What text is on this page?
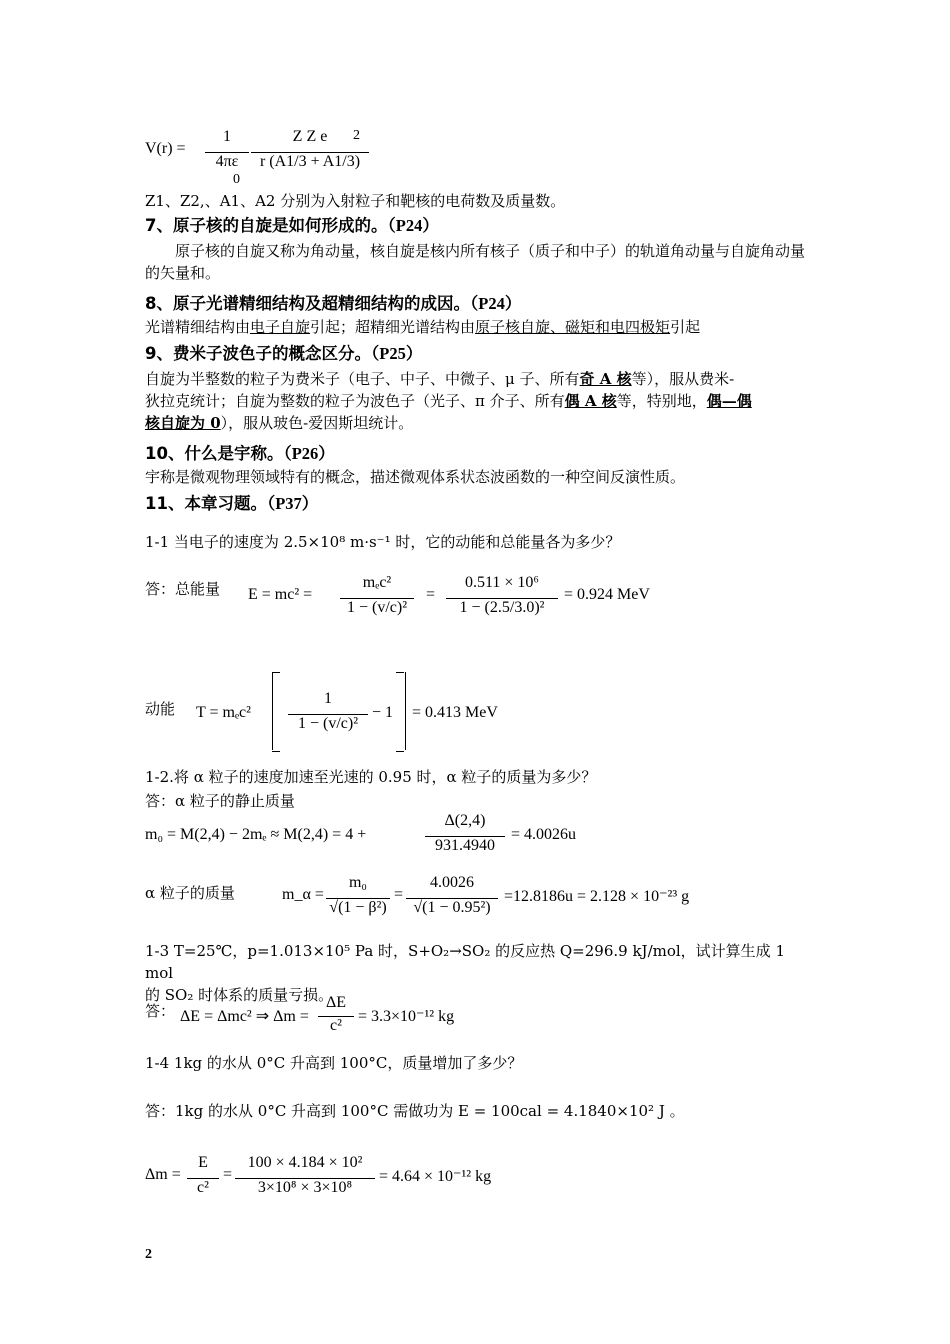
V(r) =
1
4πε
0
Z Z e
r (A1/3 + A1/3)
2
Z1、Z2,、A1、A2 分别为入射粒子和靶核的电荷数及质量数。
7、原子核的自旋是如何形成的。（P24）
原子核的自旋又称为角动量，核自旋是核内所有核子（质子和中子）的轨道角动量与自旋角动量的矢量和。
8、原子光谱精细结构及超精细结构的成因。（P24）
光谱精细结构由电子自旋引起；超精细光谱结构由原子核自旋、磁矩和电四极矩引起
9、费米子波色子的概念区分。（P25）
自旋为半整数的粒子为费米子（电子、中子、中微子、μ 子、所有奇 A 核等），服从费米-
狄拉克统计；自旋为整数的粒子为波色子（光子、π 介子、所有偶 A 核等，特别地，偶—偶
核自旋为 0），服从玻色-爱因斯坦统计。
10、什么是宇称。（P26）
宇称是微观物理领域特有的概念，描述微观体系状态波函数的一种空间反演性质。
11、本章习题。（P37）
1-1 当电子的速度为 2.5×10⁸ m·s⁻¹ 时，它的动能和总能量各为多少？
答：总能量	E = mc² =
mₑc²
1 − (v/c)²
=
0.511 × 10⁶
1 − (2.5/3.0)²
= 0.924 MeV
动能	T = mₑc²
1
1 − (v/c)²
− 1 = 0.413 MeV
1-2.将 α 粒子的速度加速至光速的 0.95 时，α 粒子的质量为多少？
答：α 粒子的静止质量
m₀ = M(2,4) − 2mₑ ≈ M(2,4) = 4 +
Δ(2,4)
931.4940
= 4.0026u
α 粒子的质量	m_α =
m₀
√(1 − β²)
=
4.0026
√(1 − 0.95²)
=12.8186u = 2.128 × 10⁻²³ g
1-3 T=25℃，p=1.013×10⁵ Pa 时，S+O₂→SO₂ 的反应热 Q=296.9 kJ/mol，试计算生成 1 mol
的 SO₂ 时体系的质量亏损。
答： ΔE = Δmc² ⇒ Δm =
ΔE
c²
= 3.3×10⁻¹² kg
1-4 1kg 的水从 0°C 升高到 100°C，质量增加了多少？
答：1kg 的水从 0°C 升高到 100°C 需做功为 E = 100cal = 4.1840×10² J 。
Δm =
E
c²
=
100 × 4.184 × 10²
3×10⁸ × 3×10⁸
= 4.64 × 10⁻¹² kg
2
